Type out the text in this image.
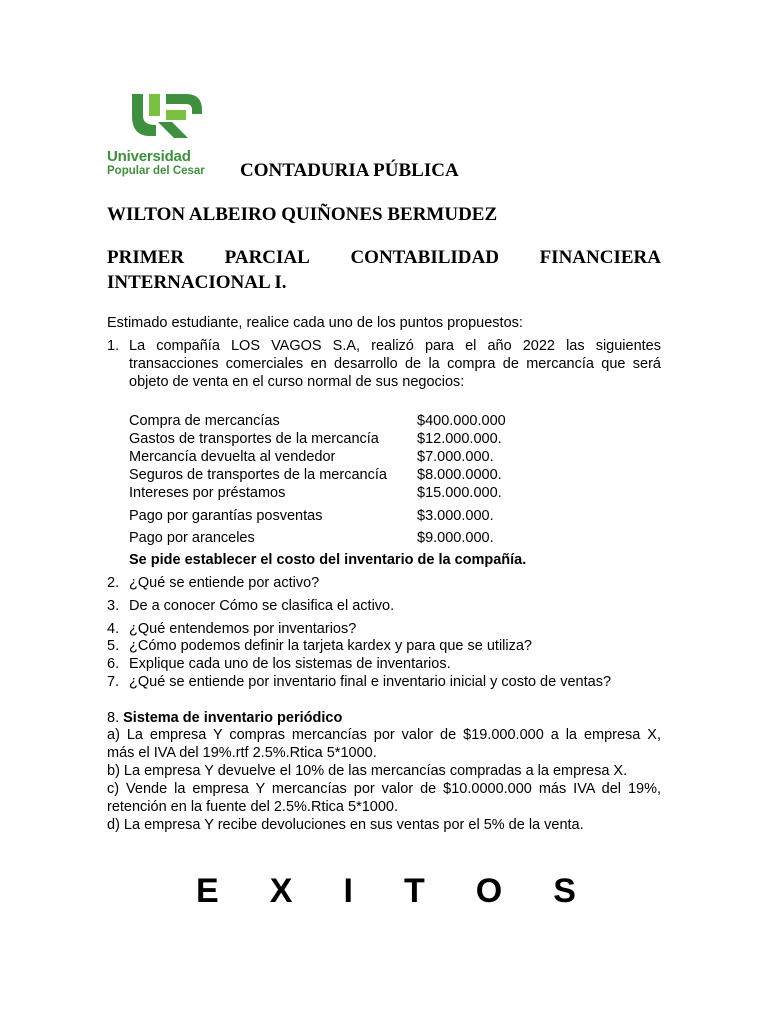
Universidad
Popular del Cesar CONTADURIA PÚBLICA
WILTON ALBEIRO QUIÑONES BERMUDEZ
PRIMER PARCIAL CONTABILIDAD FINANCIERA
INTERNACIONAL I.
Estimado estudiante, realice cada uno de los puntos propuestos:
1. La compañía LOS VAGOS S.A, realizó para el año 2022 las siguientes
transacciones comerciales en desarrollo de la compra de mercancía que será
objeto de venta en el curso normal de sus negocios:
Compra de mercancías	$400.000.000
Gastos de transportes de la mercancía	$12.000.000.
Mercancía devuelta al vendedor	$7.000.000.
Seguros de transportes de la mercancía $8.000.0000.
Intereses por préstamos	$15.000.000.
Pago por garantías posventas	$3.000.000.
Pago por aranceles	$9.000.000.
Se pide establecer el costo del inventario de la compañía.
2. ¿Qué se entiende por activo?
3. De a conocer Cómo se clasifica el activo.
4. ¿Qué entendemos por inventarios?
5. ¿Cómo podemos definir la tarjeta kardex y para que se utiliza?
6. Explique cada uno de los sistemas de inventarios.
7. ¿Qué se entiende por inventario final e inventario inicial y costo de ventas?
8. Sistema de inventario periódico
a) La empresa Y compras mercancías por valor de $19.000.000 a la empresa X,
más el IVA del 19%.rtf 2.5%.Rtica 5*1000.
b) La empresa Y devuelve el 10% de las mercancías compradas a la empresa X.
c) Vende la empresa Y mercancías por valor de $10.0000.000 más IVA del 19%,
retención en la fuente del 2.5%.Rtica 5*1000.
d) La empresa Y recibe devoluciones en sus ventas por el 5% de la venta.
E X I T O S
